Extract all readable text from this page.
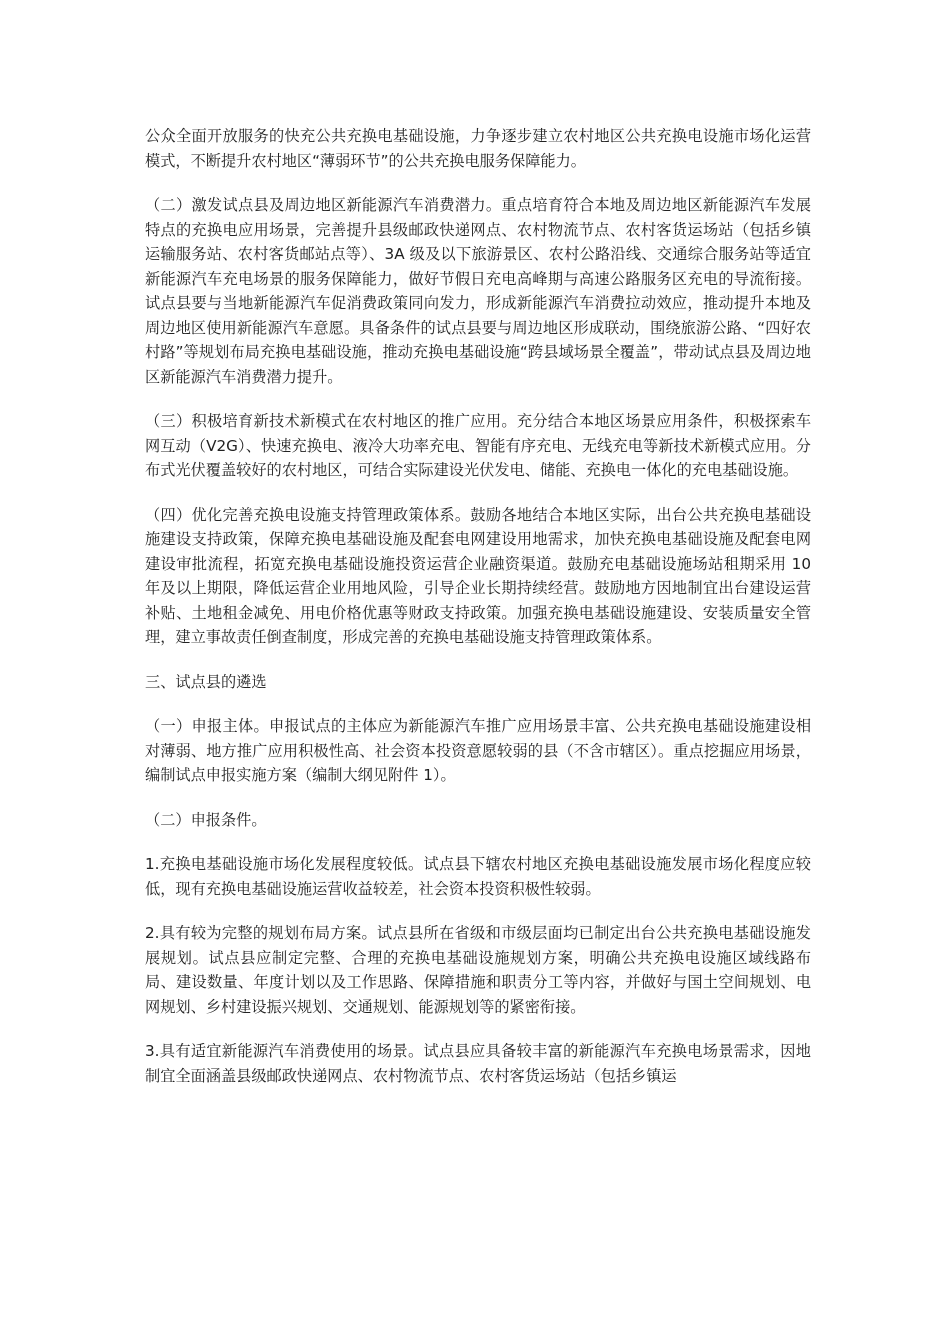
公众全面开放服务的快充公共充换电基础设施，力争逐步建立农村地区公共充换电设施市场化运营模式，不断提升农村地区“薄弱环节”的公共充换电服务保障能力。

（二）激发试点县及周边地区新能源汽车消费潜力。重点培育符合本地及周边地区新能源汽车发展特点的充换电应用场景，完善提升县级邮政快递网点、农村物流节点、农村客货运场站（包括乡镇运输服务站、农村客货邮站点等）、3A 级及以下旅游景区、农村公路沿线、交通综合服务站等适宜新能源汽车充电场景的服务保障能力，做好节假日充电高峰期与高速公路服务区充电的导流衔接。试点县要与当地新能源汽车促消费政策同向发力，形成新能源汽车消费拉动效应，推动提升本地及周边地区使用新能源汽车意愿。具备条件的试点县要与周边地区形成联动，围绕旅游公路、“四好农村路”等规划布局充换电基础设施，推动充换电基础设施“跨县域场景全覆盖”，带动试点县及周边地区新能源汽车消费潜力提升。

（三）积极培育新技术新模式在农村地区的推广应用。充分结合本地区场景应用条件，积极探索车网互动（V2G）、快速充换电、液冷大功率充电、智能有序充电、无线充电等新技术新模式应用。分布式光伏覆盖较好的农村地区，可结合实际建设光伏发电、储能、充换电一体化的充电基础设施。

（四）优化完善充换电设施支持管理政策体系。鼓励各地结合本地区实际，出台公共充换电基础设施建设支持政策，保障充换电基础设施及配套电网建设用地需求，加快充换电基础设施及配套电网建设审批流程，拓宽充换电基础设施投资运营企业融资渠道。鼓励充电基础设施场站租期采用 10 年及以上期限，降低运营企业用地风险，引导企业长期持续经营。鼓励地方因地制宜出台建设运营补贴、土地租金减免、用电价格优惠等财政支持政策。加强充换电基础设施建设、安装质量安全管理，建立事故责任倒查制度，形成完善的充换电基础设施支持管理政策体系。

三、试点县的遴选

（一）申报主体。申报试点的主体应为新能源汽车推广应用场景丰富、公共充换电基础设施建设相对薄弱、地方推广应用积极性高、社会资本投资意愿较弱的县（不含市辖区）。重点挖掘应用场景，编制试点申报实施方案（编制大纲见附件 1）。

（二）申报条件。

1.充换电基础设施市场化发展程度较低。试点县下辖农村地区充换电基础设施发展市场化程度应较低，现有充换电基础设施运营收益较差，社会资本投资积极性较弱。

2.具有较为完整的规划布局方案。试点县所在省级和市级层面均已制定出台公共充换电基础设施发展规划。试点县应制定完整、合理的充换电基础设施规划方案，明确公共充换电设施区域线路布局、建设数量、年度计划以及工作思路、保障措施和职责分工等内容，并做好与国土空间规划、电网规划、乡村建设振兴规划、交通规划、能源规划等的紧密衔接。

3.具有适宜新能源汽车消费使用的场景。试点县应具备较丰富的新能源汽车充换电场景需求，因地制宜全面涵盖县级邮政快递网点、农村物流节点、农村客货运场站（包括乡镇运
